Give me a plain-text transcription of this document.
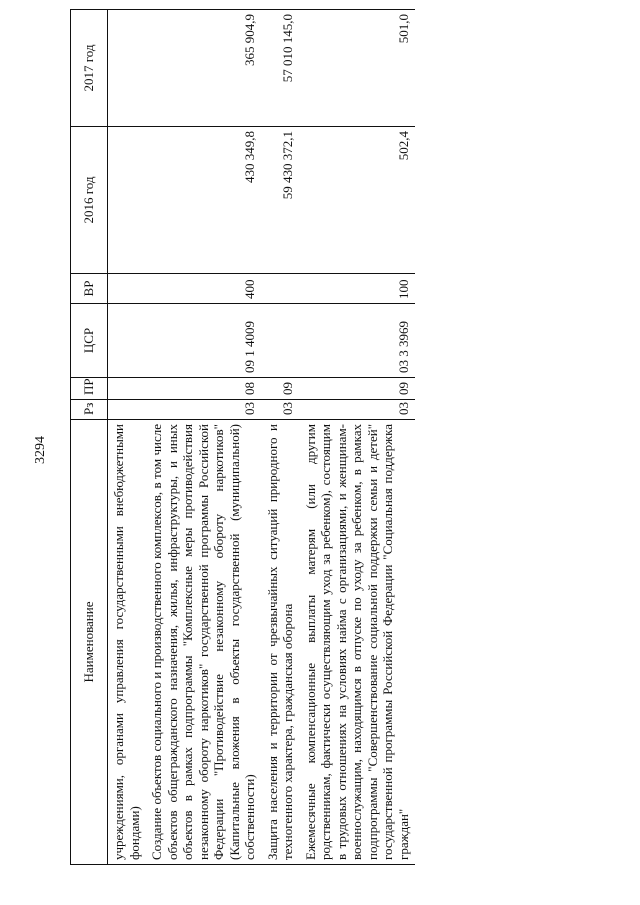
3294
Наименование	Рз	ПР	ЦСР	ВР	2016 год	2017 год
учреждениями, органами управления государственными внебюджетными фондами)						
Создание объектов социального и производственного комплексов, в том числе объектов общегражданского назначения, жилья, инфраструктуры, и иных объектов в рамках подпрограммы "Комплексные меры противодействия незаконному обороту наркотиков" государственной программы Российской Федерации "Противодействие незаконному обороту наркотиков" (Капитальные вложения в объекты государственной (муниципальной) собственности)	03	08	09 1 4009	400	430 349,8	365 904,9
Защита населения и территории от чрезвычайных ситуаций природного и техногенного характера, гражданская оборона	03	09			59 430 372,1	57 010 145,0
Ежемесячные компенсационные выплаты матерям (или другим родственникам, фактически осуществляющим уход за ребенком), состоящим в трудовых отношениях на условиях найма с организациями, и женщинам-военнослужащим, находящимся в отпуске по уходу за ребенком, в рамках подпрограммы "Совершенствование социальной поддержки семьи и детей" государственной программы Российской Федерации "Социальная поддержка граждан"	03	09	03 3 3969	100	502,4	501,0
